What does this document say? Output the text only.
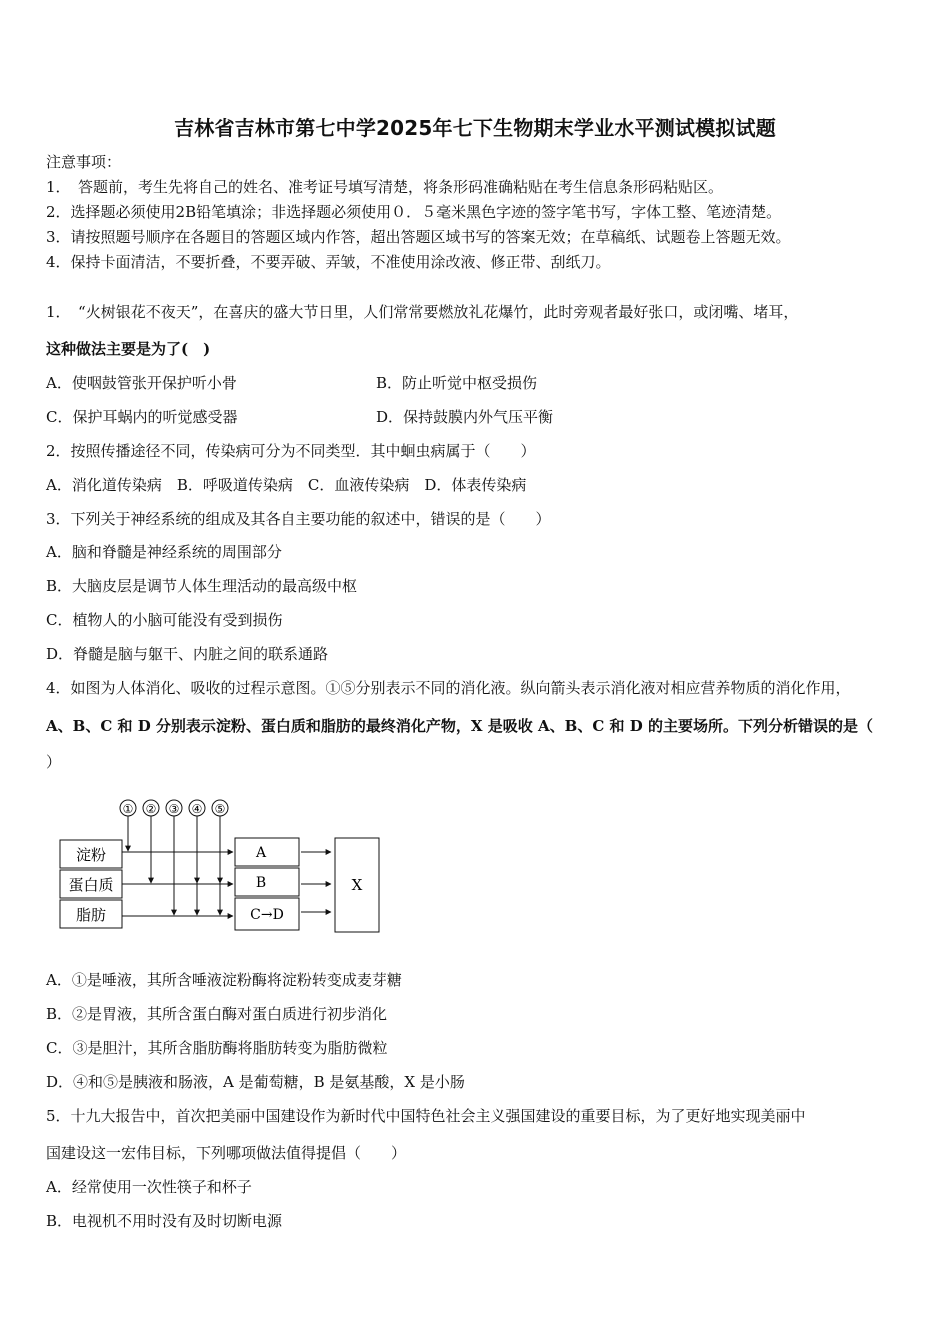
吉林省吉林市第七中学2025年七下生物期末学业水平测试模拟试题
注意事项：
1．　答题前，考生先将自己的姓名、准考证号填写清楚，将条形码准确粘贴在考生信息条形码粘贴区。
2．选择题必须使用2B铅笔填涂；非选择题必须使用０．５毫米黑色字迹的签字笔书写，字体工整、笔迹清楚。
3．请按照题号顺序在各题目的答题区域内作答，超出答题区域书写的答案无效；在草稿纸、试题卷上答题无效。
4．保持卡面清洁，不要折叠，不要弄破、弄皱，不准使用涂改液、修正带、刮纸刀。
1．　“火树银花不夜天”，在喜庆的盛大节日里，人们常常要燃放礼花爆竹，此时旁观者最好张口，或闭嘴、堵耳，
这种做法主要是为了(　)
A．使咽鼓管张开保护听小骨	B．防止听觉中枢受损伤
C．保护耳蜗内的听觉感受器	D．保持鼓膜内外气压平衡
2．按照传播途径不同，传染病可分为不同类型．其中蛔虫病属于（　　）
A．消化道传染病　B．呼吸道传染病　C．血液传染病　D．体表传染病
3．下列关于神经系统的组成及其各自主要功能的叙述中，错误的是（　　）
A．脑和脊髓是神经系统的周围部分
B．大脑皮层是调节人体生理活动的最高级中枢
C．植物人的小脑可能没有受到损伤
D．脊髓是脑与躯干、内脏之间的联系通路
4．如图为人体消化、吸收的过程示意图。①⑤分别表示不同的消化液。纵向箭头表示消化液对相应营养物质的消化作用，
A、B、C 和 D 分别表示淀粉、蛋白质和脂肪的最终消化产物，X 是吸收 A、B、C 和 D 的主要场所。下列分析错误的是（
）
① ② ③ ④ ⑤
淀粉
蛋白质
脂肪
A
B
C→D
X
A．①是唾液，其所含唾液淀粉酶将淀粉转变成麦芽糖
B．②是胃液，其所含蛋白酶对蛋白质进行初步消化
C．③是胆汁，其所含脂肪酶将脂肪转变为脂肪微粒
D．④和⑤是胰液和肠液，A 是葡萄糖，B 是氨基酸，X 是小肠
5．十九大报告中，首次把美丽中国建设作为新时代中国特色社会主义强国建设的重要目标，为了更好地实现美丽中
国建设这一宏伟目标，下列哪项做法值得提倡（　　）
A．经常使用一次性筷子和杯子
B．电视机不用时没有及时切断电源
